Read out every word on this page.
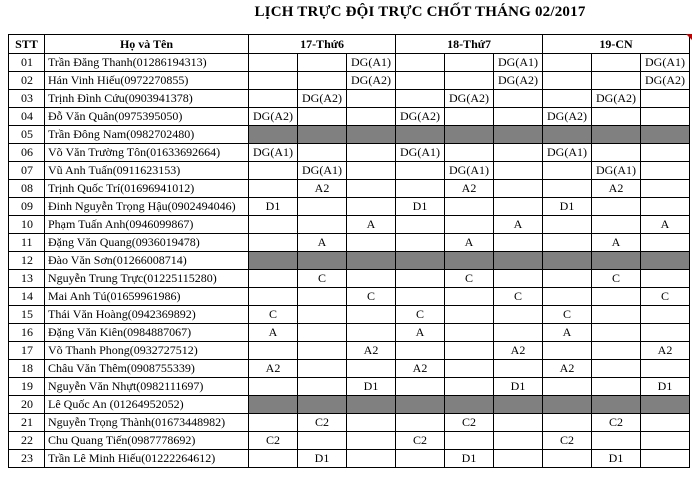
LỊCH TRỰC ĐỘI TRỰC CHỐT THÁNG 02/2017
STT	Họ và Tên	17-Thứ6			18-Thứ7			19-CN		
01	Trần Đăng Thanh(01286194313)			DG(A1)			DG(A1)			DG(A1)
02	Hán Vinh Hiếu(0972270855)			DG(A2)			DG(A2)			DG(A2)
03	Trịnh Đình Cứu(0903941378)		DG(A2)			DG(A2)			DG(A2)	
04	Đỗ Văn Quân(0975395050)	DG(A2)			DG(A2)			DG(A2)		
05	Trần Đông Nam(0982702480)									
06	Võ Văn Trường Tôn(01633692664)	DG(A1)			DG(A1)			DG(A1)		
07	Vũ Anh Tuấn(0911623153)		DG(A1)			DG(A1)			DG(A1)	
08	Trịnh Quốc Trí(01696941012)		A2			A2			A2	
09	Đinh Nguyễn Trọng Hậu(0902494046)	D1			D1			D1		
10	Phạm Tuấn Anh(0946099867)			A			A			A
11	Đặng Văn Quang(0936019478)		A			A			A	
12	Đào Văn Sơn(01266008714)									
13	Nguyễn Trung Trực(01225115280)		C			C			C	
14	Mai Anh Tú(01659961986)			C			C			C
15	Thái Văn Hoàng(0942369892)	C			C			C		
16	Đặng Văn Kiên(0984887067)	A			A			A		
17	Võ Thanh Phong(0932727512)			A2			A2			A2
18	Châu Văn Thêm(0908755339)	A2			A2			A2		
19	Nguyễn Văn Nhựt(0982111697)			D1			D1			D1
20	Lê Quốc An (01264952052)									
21	Nguyễn Trọng Thành(01673448982)		C2			C2			C2	
22	Chu Quang Tiến(0987778692)	C2			C2			C2		
23	Trần Lê Minh Hiếu(01222264612)		D1			D1			D1	
